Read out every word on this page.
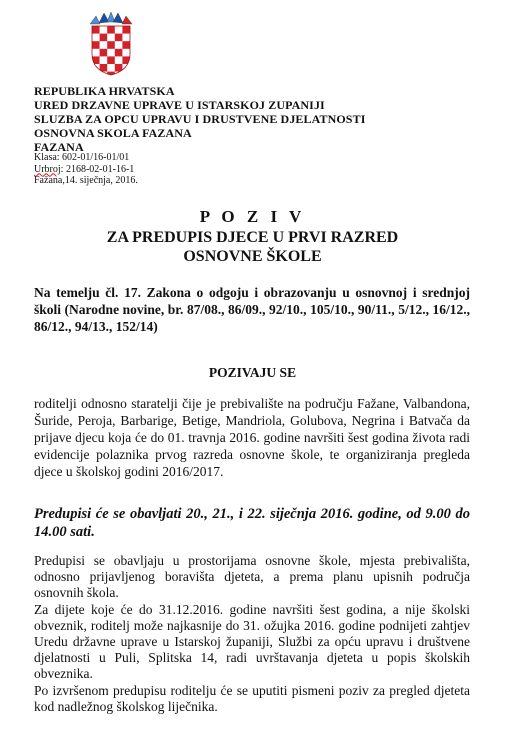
REPUBLIKA HRVATSKA
URED DRZAVNE UPRAVE U ISTARSKOJ ZUPANIJI
SLUZBA ZA OPCU UPRAVU I DRUSTVENE DJELATNOSTI
OSNOVNA SKOLA FAZANA
FAZANA
Klasa: 602-01/16-01/01
Urbroj: 2168-02-01-16-1
Fažana,14. siječnja, 2016.
P O Z I V
ZA PREDUPIS DJECE U PRVI RAZRED
OSNOVNE ŠKOLE
Na temelju čl. 17. Zakona o odgoju i obrazovanju u osnovnoj i srednjoj školi (Narodne novine, br. 87/08., 86/09., 92/10., 105/10., 90/11., 5/12., 16/12., 86/12., 94/13., 152/14)
POZIVAJU SE
roditelji odnosno staratelji čije je prebivalište na području Fažane, Valbandona, Šuride, Peroja, Barbarige, Betige, Mandriola, Golubova, Negrina i Batvača da prijave djecu koja će do 01. travnja 2016. godine navršiti šest godina života radi evidencije polaznika prvog razreda osnovne škole, te organiziranja pregleda djece u školskoj godini 2016/2017.
Predupisi će se obavljati 20., 21., i 22. siječnja 2016. godine, od 9.00 do 14.00 sati.
Predupisi se obavljaju u prostorijama osnovne škole, mjesta prebivališta, odnosno prijavljenog boravišta djeteta, a prema planu upisnih područja osnovnih škola.
Za dijete koje će do 31.12.2016. godine navršiti šest godina, a nije školski obveznik, roditelj može najkasnije do 31. ožujka 2016. godine podnijeti zahtjev Uredu državne uprave u Istarskoj županiji, Službi za opću upravu i društvene djelatnosti u Puli, Splitska 14, radi uvrštavanja djeteta u popis školskih obveznika.
Po izvršenom predupisu roditelju će se uputiti pismeni poziv za pregled djeteta kod nadležnog školskog liječnika.
